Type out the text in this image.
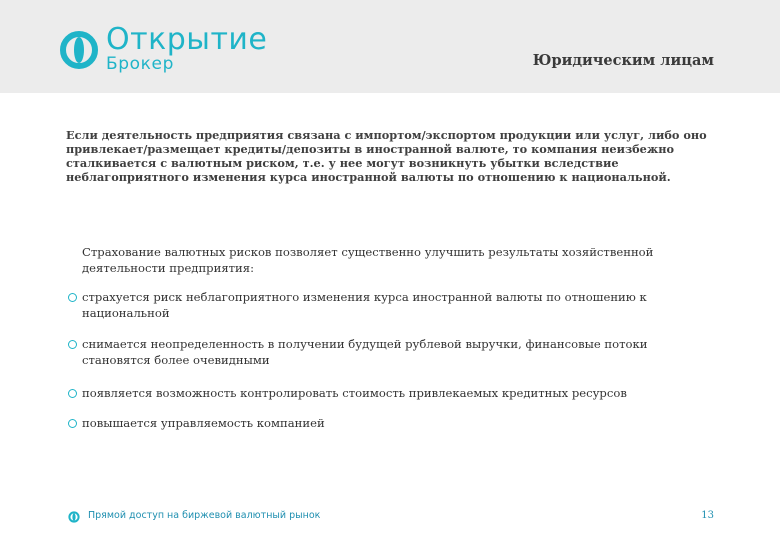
Открытие
Брокер	Юридическим лицам
Если деятельность предприятия связана с импортом/экспортом продукции или услуг, либо оно привлекает/размещает кредиты/депозиты в иностранной валюте, то компания неизбежно сталкивается с валютным риском, т.е. у нее могут возникнуть убытки вследствие неблагоприятного изменения курса иностранной валюты по отношению к национальной.
Страхование валютных рисков позволяет существенно улучшить результаты хозяйственной деятельности предприятия:
страхуется риск неблагоприятного изменения курса иностранной валюты по отношению к национальной
снимается неопределенность в получении будущей рублевой выручки, финансовые потоки становятся более очевидными
появляется возможность контролировать стоимость привлекаемых кредитных ресурсов
повышается управляемость компанией
Прямой доступ на биржевой валютный рынок	13
